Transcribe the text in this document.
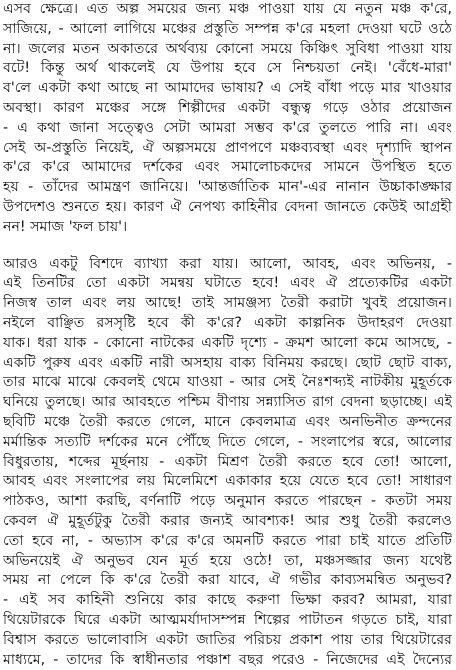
এসব ক্ষেত্রে। এত অল্প সময়ের জন্য মঞ্চ পাওয়া যায় যে নতুন মঞ্চ ক'রে,
সাজিয়ে, - আলো লাগিয়ে মঞ্চের প্রস্তুতি সম্পন্ন ক'রে মহলা দেওয়া ঘটে ওঠে
না। জলের মতন অকাতরে অর্থব্যয় কোনো সময়ে কিঞ্চিৎ সুবিধা পাওয়া যায়
বটে! কিন্তু অর্থ থাকলেই যে উপায় হবে সে নিশ্চয়তা নেই। 'বেঁধে-মারা'
ব'লে একটা কথা আছে না আমাদের ভাষায়? এ সেই বাঁধা পড়ে মার খাওয়ার
অবস্থা। কারণ মঞ্চের সঙ্গে শিল্পীদের একটা বন্ধুত্ব গড়ে ওঠার প্রয়োজন
- এ কথা জানা সত্ত্বেও সেটা আমরা সম্ভব ক'রে তুলতে পারি না। এবং
সেই অ-প্রস্তুতি নিয়েই, ঐ অল্পসময়ে প্রাণপণে মঞ্চব্যবস্থা এবং দৃশ্যাদি স্থাপন
ক'রে ক'রে আমাদের দর্শকের এবং সমালোচকদের সামনে উপস্থিত হতে
হয় - তাঁদের আমন্ত্রণ জানিয়ে। 'আন্তর্জাতিক মান'-এর নানান উচ্চাকাঙ্ক্ষার
উপদেশও শুনতে হয়। কারণ ঐ নেপথ্য কাহিনীর বেদনা জানতে কেউই আগ্রহী
নন! সমাজ 'ফল চায়'।
আরও একটু বিশদে ব্যাখ্যা করা যায়। আলো, আবহ, এবং অভিনয়, -
এই তিনটির তো একটা সমন্বয় ঘটাতে হবে! এবং ঐ প্রত্যেকটির একটা
নিজস্ব তাল এবং লয় আছে! তাই সামঞ্জস্য তৈরী করাটা খুবই প্রয়োজন।
নইলে বাঞ্ছিত রসসৃষ্টি হবে কী ক'রে? একটা কাল্পনিক উদাহরণ দেওয়া
যাক। ধরা যাক - কোনো নাটকের একটি দৃশ্যে - ক্রমশ আলো কমে আসছে, -
একটি পুরুষ এবং একটি নারী অসহায় বাক্য বিনিময় করছে। ছোট ছোট বাক্য,
তার মাঝে মাঝে কেবলই থেমে যাওয়া - আর সেই নৈঃশব্দ্যই নাটকীয় মুহূর্তকে
ঘনিয়ে তুলছে। আর আবহতে পশ্চিম বীণায় সন্ন্যাসিত রাগ বেদনা ছড়াচ্ছে। এই
ছবিটি মঞ্চে তৈরী করতে গেলে, মানে কেবলমাত্র এবং অনভিনীত ক্রন্দনের
মর্মান্তিক সত্যটি দর্শকের মনে পৌঁছে দিতে গেলে, - সংলাপের স্বরে, আলোর
বিধুরতায়, শব্দের মূর্ছনায় - একটা মিশ্রণ তৈরী করতে হবে তো! আলো,
আবহ এবং সংলাপের লয় মিলেমিশে একাকার হয়ে যেতে হবে তো! সাধারণ
পাঠকও, আশা করছি, বর্ণনাটি পড়ে অনুমান করতে পারছেন - কতটা সময়
কেবল ঐ মুহূর্তটুকু তৈরী করার জন্যই আবশ্যক! আর শুধু তৈরী করলেও
তো হবে না, - অভ্যাস ক'রে ক'রে অমনটি করতে পারা চাই যাতে প্রতিটি
অভিনয়েই ঐ অনুভব যেন মূর্ত হয়ে ওঠে! তা, মঞ্চসজ্জার জন্য যথেষ্ট
সময় না পেলে কি ক'রে তৈরী করা যাবে, ঐ গভীর কাব্যসমন্বিত অনুভব?
- এই সব কাহিনী শুনিয়ে কার কাছে করুণা ভিক্ষা করব? আমরা, যারা
থিয়েটারকে ঘিরে একটা আত্মমর্যাদাসম্পন্ন শিল্পের পাটাতন গড়তে চাই, যারা
বিশ্বাস করতে ভালোবাসি একটা জাতির পরিচয় প্রকাশ পায় তার থিয়েটারের
মাধ্যমে, - তাদের কি স্বাধীনতার পঞ্চাশ বছর পরেও - নিজেদের এই দৈন্যের
